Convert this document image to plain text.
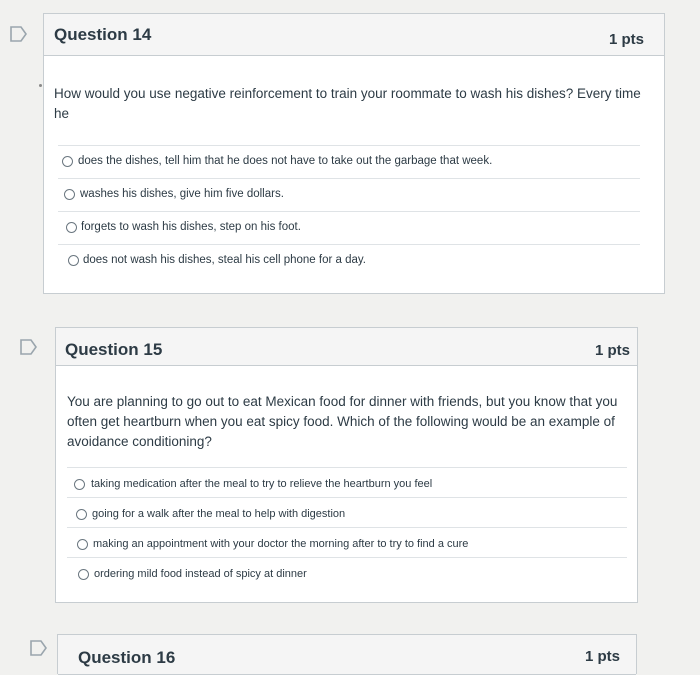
Question 14	1 pts
How would you use negative reinforcement to train your roommate to wash his dishes? Every time
he
does the dishes, tell him that he does not have to take out the garbage that week.
washes his dishes, give him five dollars.
forgets to wash his dishes, step on his foot.
does not wash his dishes, steal his cell phone for a day.
Question 15	1 pts
You are planning to go out to eat Mexican food for dinner with friends, but you know that you
often get heartburn when you eat spicy food. Which of the following would be an example of
avoidance conditioning?
taking medication after the meal to try to relieve the heartburn you feel
going for a walk after the meal to help with digestion
making an appointment with your doctor the morning after to try to find a cure
ordering mild food instead of spicy at dinner
Question 16	1 pts
